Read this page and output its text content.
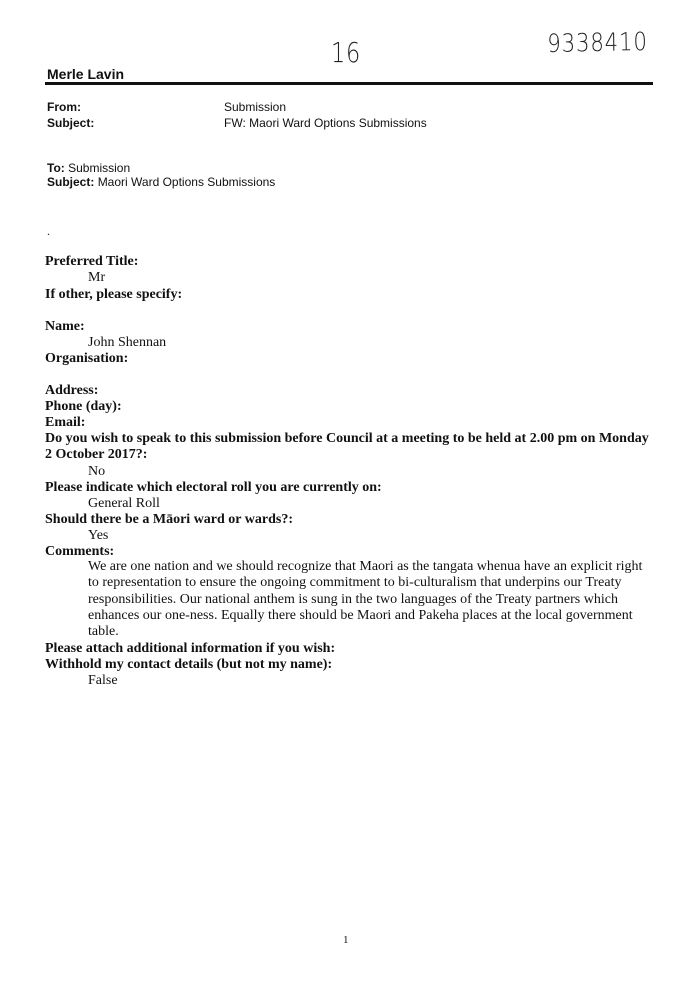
16	9338410
Merle Lavin
From:	Submission
Subject:	FW: Maori Ward Options Submissions
To: Submission
Subject: Maori Ward Options Submissions
.
Preferred Title:
Mr
If other, please specify:
Name:
John Shennan
Organisation:
Address:
Phone (day):
Email:
Do you wish to speak to this submission before Council at a meeting to be held at 2.00 pm on Monday 2 October 2017?:
No
Please indicate which electoral roll you are currently on:
General Roll
Should there be a Māori ward or wards?:
Yes
Comments:
We are one nation and we should recognize that Maori as the tangata whenua have an explicit right to representation to ensure the ongoing commitment to bi-culturalism that underpins our Treaty responsibilities. Our national anthem is sung in the two languages of the Treaty partners which enhances our one-ness. Equally there should be Maori and Pakeha places at the local government table.
Please attach additional information if you wish:
Withhold my contact details (but not my name):
False
1
